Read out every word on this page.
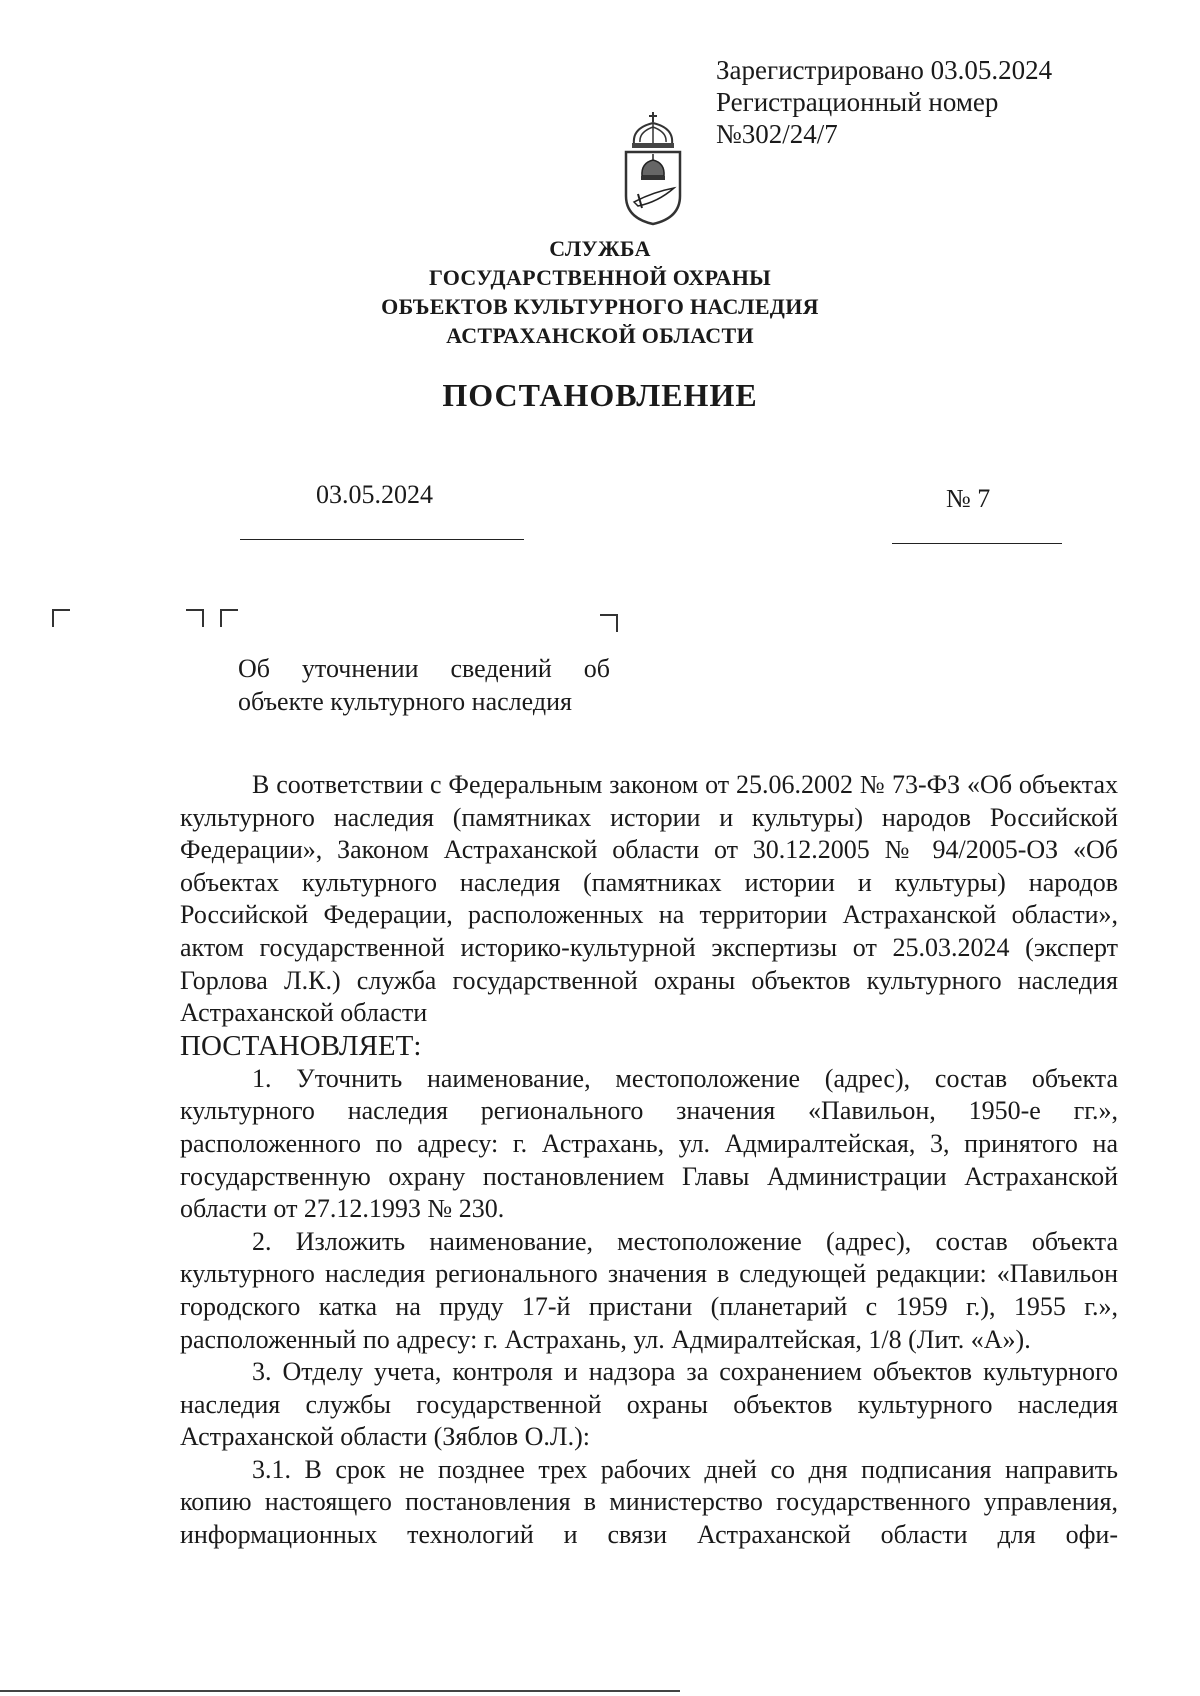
Зарегистрировано 03.05.2024
Регистрационный номер
№302/24/7
СЛУЖБА
ГОСУДАРСТВЕННОЙ ОХРАНЫ
ОБЪЕКТОВ КУЛЬТУРНОГО НАСЛЕДИЯ
АСТРАХАНСКОЙ ОБЛАСТИ
ПОСТАНОВЛЕНИЕ
03.05.2024	№ 7
Об уточнении сведений об
объекте культурного наследия

В соответствии с Федеральным законом от 25.06.2002 № 73-ФЗ «Об объектах культурного наследия (памятниках истории и культуры) народов Российской Федерации», Законом Астраханской области от 30.12.2005 № 94/2005-ОЗ «Об объектах культурного наследия (памятниках истории и культуры) народов Российской Федерации, расположенных на территории Астраханской области», актом государственной историко-культурной экспертизы от 25.03.2024 (эксперт Горлова Л.К.) служба государственной охраны объектов культурного наследия Астраханской области

ПОСТАНОВЛЯЕТ:

1. Уточнить наименование, местоположение (адрес), состав объекта культурного наследия регионального значения «Павильон, 1950-е гг.», расположенного по адресу: г. Астрахань, ул. Адмиралтейская, 3, принятого на государственную охрану постановлением Главы Администрации Астраханской области от 27.12.1993 № 230.

2. Изложить наименование, местоположение (адрес), состав объекта культурного наследия регионального значения в следующей редакции: «Павильон городского катка на пруду 17-й пристани (планетарий с 1959 г.), 1955 г.», расположенный по адресу: г. Астрахань, ул. Адмиралтейская, 1/8 (Лит. «А»).

3. Отделу учета, контроля и надзора за сохранением объектов культурного наследия службы государственной охраны объектов культурного наследия Астраханской области (Зяблов О.Л.):

3.1. В срок не позднее трех рабочих дней со дня подписания направить копию настоящего постановления в министерство государственного управления, информационных технологий и связи Астраханской области для офи-
